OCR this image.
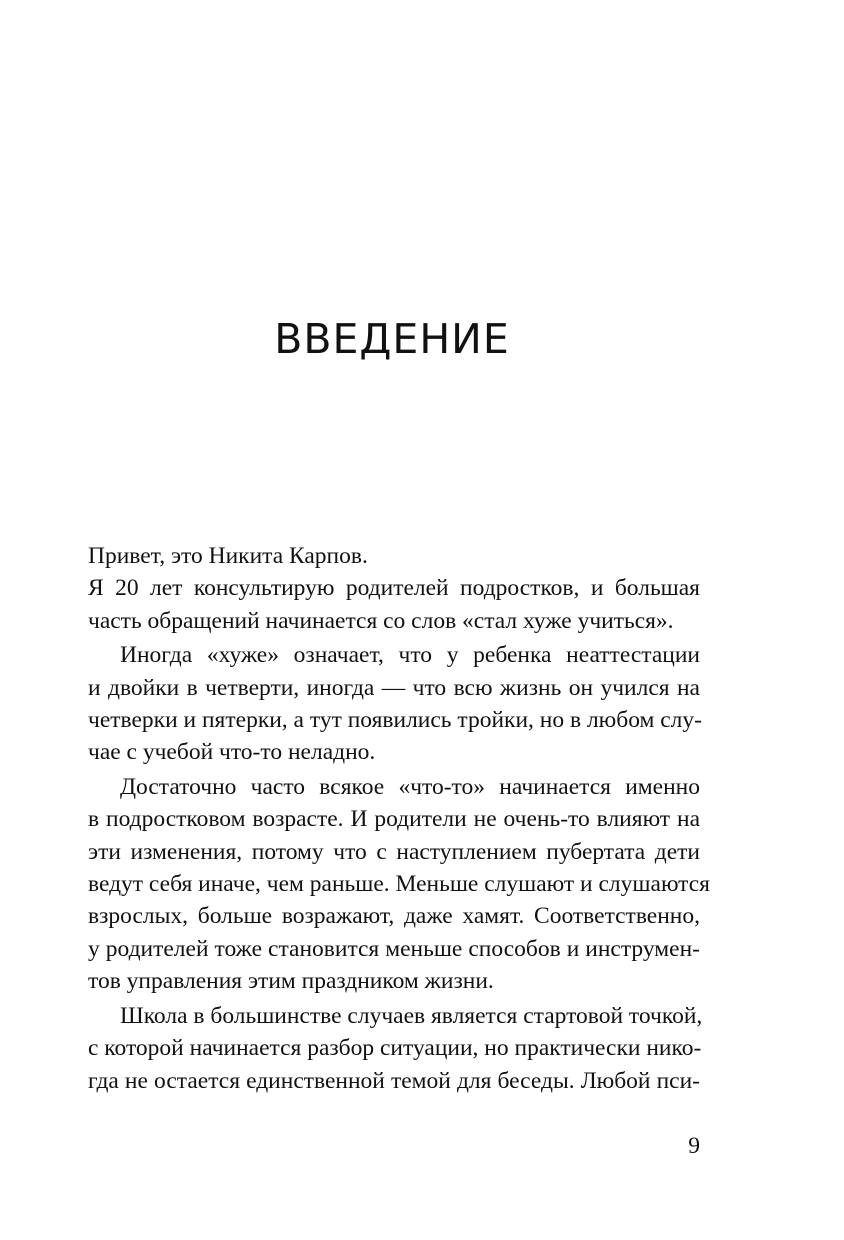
ВВЕДЕНИЕ
Привет, это Никита Карпов.
Я 20 лет консультирую родителей подростков, и большая
часть обращений начинается со слов «стал хуже учиться».
Иногда «хуже» означает, что у ребенка неаттестации
и двойки в четверти, иногда — что всю жизнь он учился на
четверки и пятерки, а тут появились тройки, но в любом слу-
чае с учебой что-то неладно.
Достаточно часто всякое «что-то» начинается именно
в подростковом возрасте. И родители не очень-то влияют на
эти изменения, потому что с наступлением пубертата дети
ведут себя иначе, чем раньше. Меньше слушают и слушаются
взрослых, больше возражают, даже хамят. Соответственно,
у родителей тоже становится меньше способов и инструмен-
тов управления этим праздником жизни.
Школа в большинстве случаев является стартовой точкой,
с которой начинается разбор ситуации, но практически нико-
гда не остается единственной темой для беседы. Любой пси-
9
